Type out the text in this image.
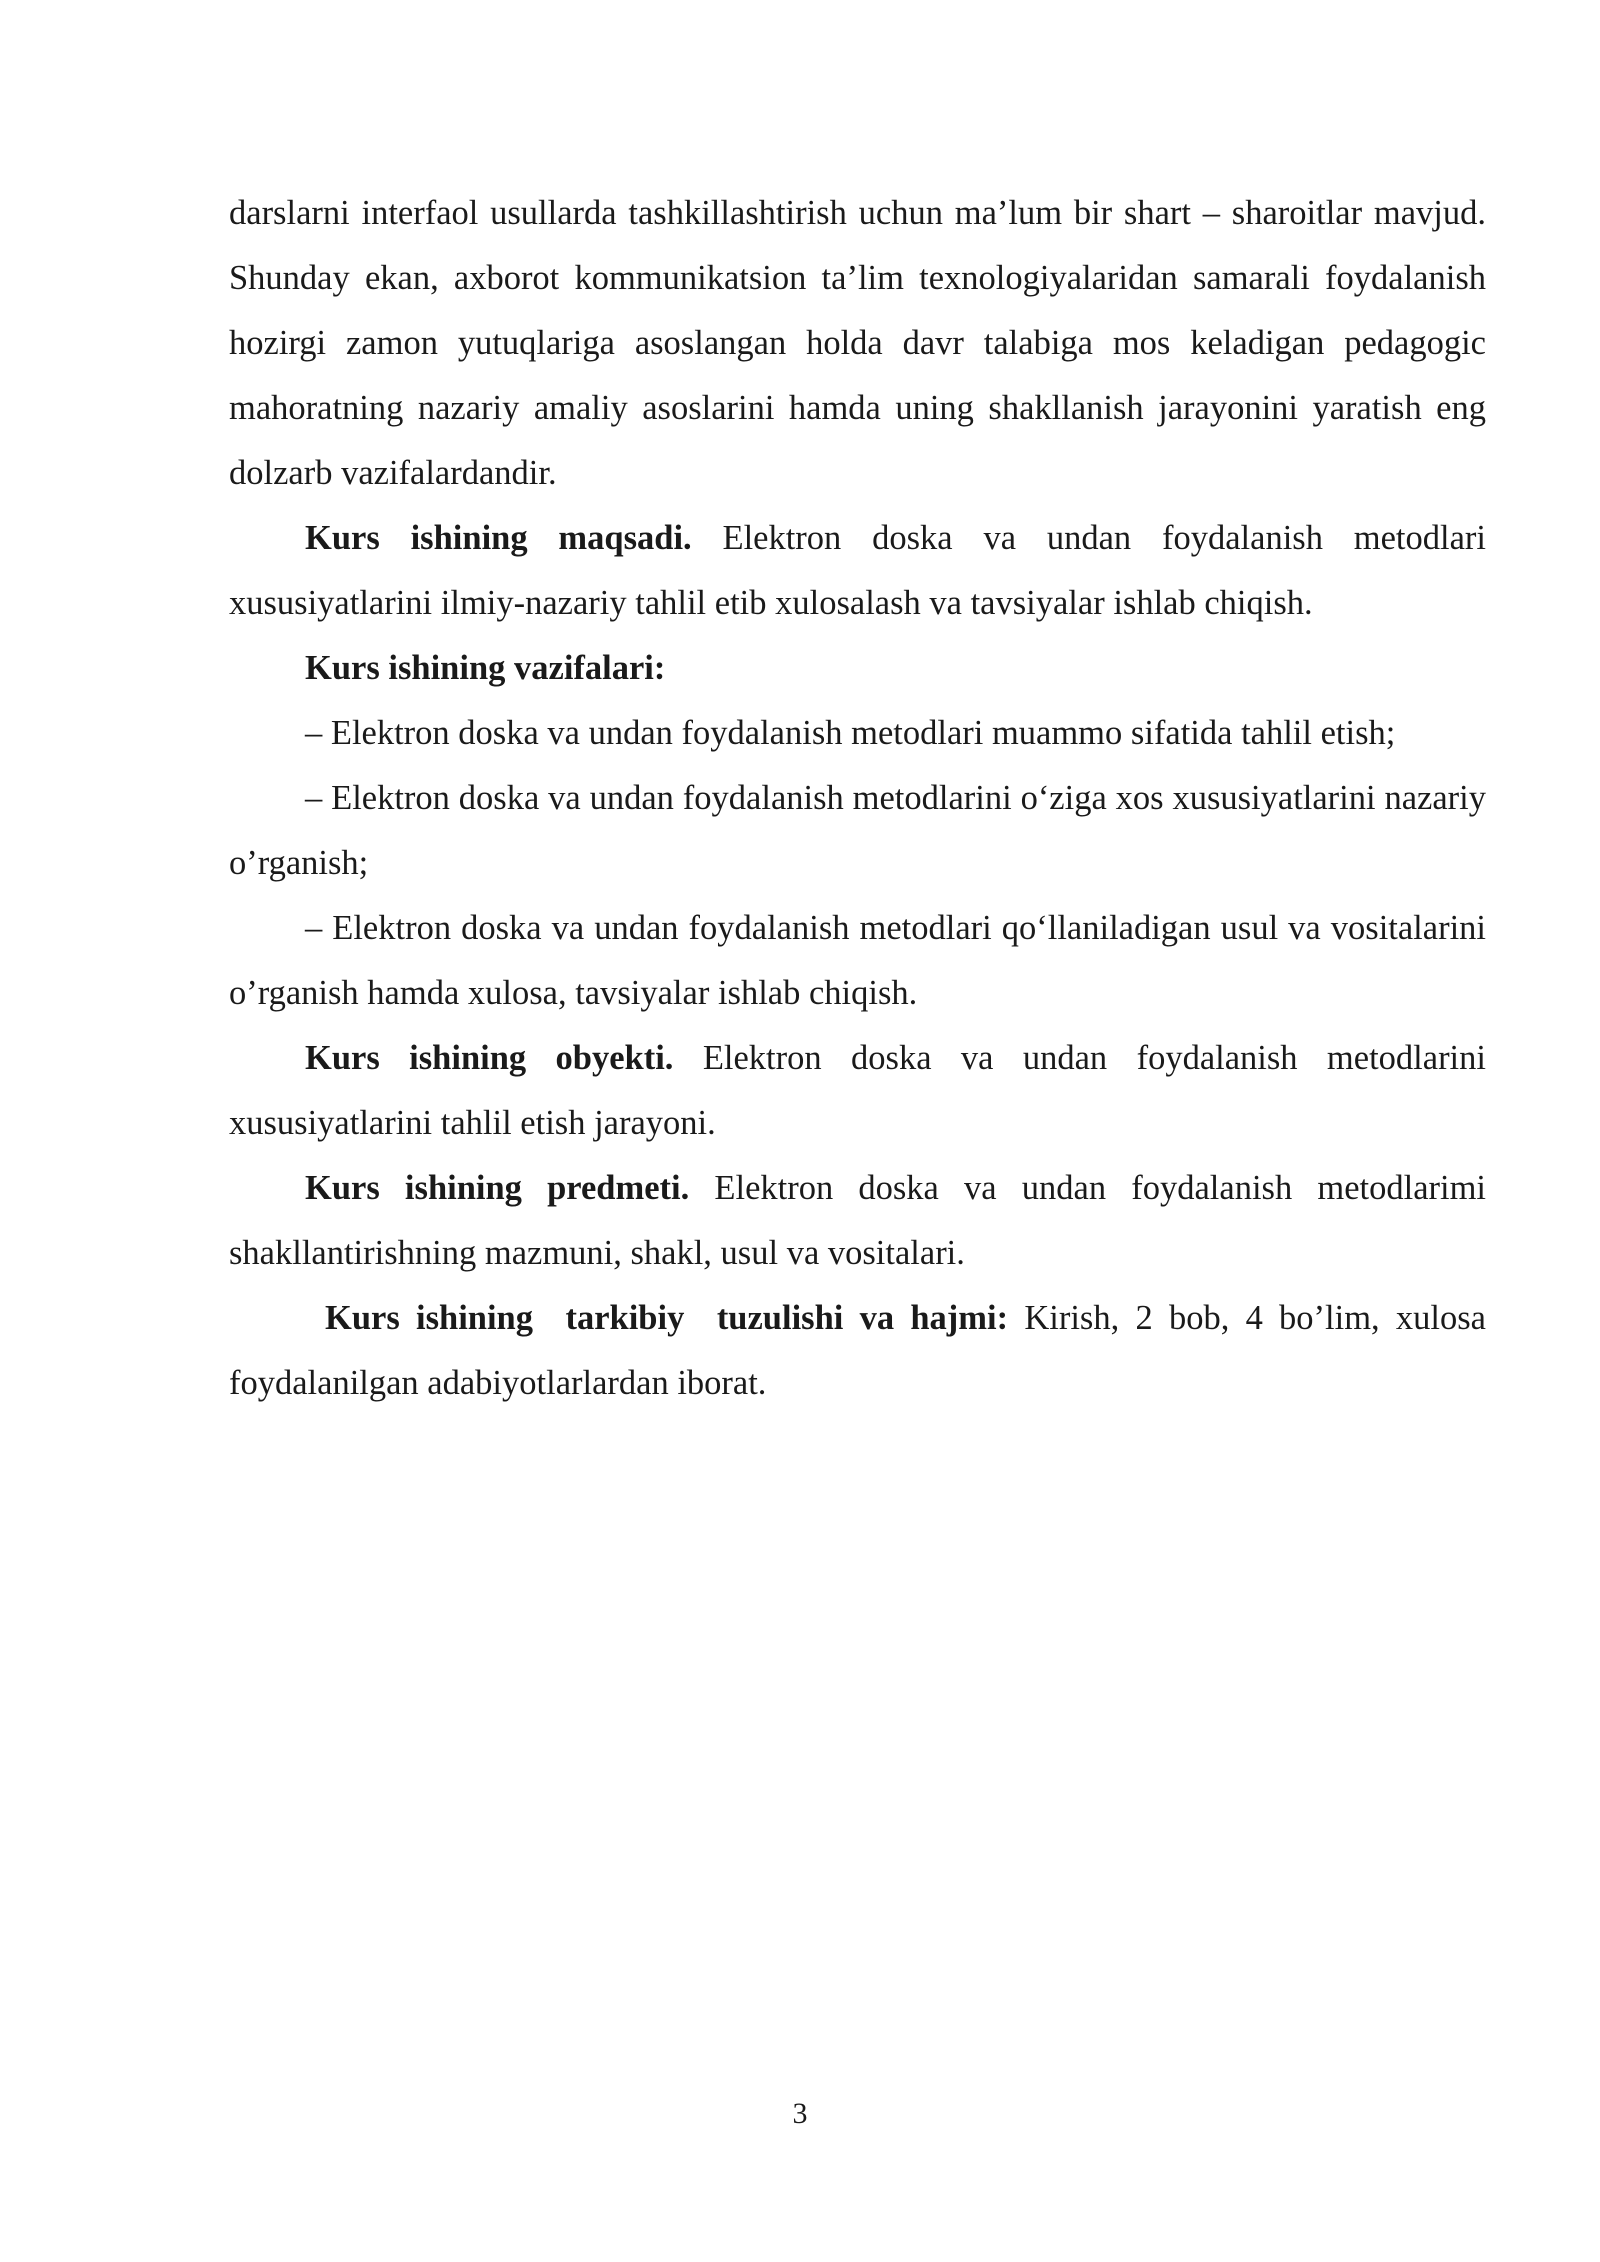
darslarni interfaol usullarda tashkillashtirish uchun ma’lum bir shart – sharoitlar mavjud. Shunday ekan, axborot kommunikatsion ta’lim texnologiyalaridan samarali foydalanish hozirgi zamon yutuqlariga asoslangan holda davr talabiga mos keladigan pedagogic mahoratning nazariy amaliy asoslarini hamda uning shakllanish jarayonini yaratish eng dolzarb vazifalardandir.

Kurs ishining maqsadi. Elektron doska va undan foydalanish metodlari xususiyatlarini ilmiy-nazariy tahlil etib xulosalash va tavsiyalar ishlab chiqish.

Kurs ishining vazifalari:

– Elektron doska va undan foydalanish metodlari muammo sifatida tahlil etish;

– Elektron doska va undan foydalanish metodlarini o‘ziga xos xususiyatlarini nazariy o’rganish;

– Elektron doska va undan foydalanish metodlari qo‘llaniladigan usul va vositalarini o’rganish hamda xulosa, tavsiyalar ishlab chiqish.

Kurs ishining obyekti. Elektron doska va undan foydalanish metodlarini xususiyatlarini tahlil etish jarayoni.

Kurs ishining predmeti. Elektron doska va undan foydalanish metodlarimi shakllantirishning mazmuni, shakl, usul va vositalari.

Kurs ishining  tarkibiy  tuzulishi va hajmi: Kirish, 2 bob, 4 bo’lim, xulosa foydalanilgan adabiyotlarlardan iborat.

3
